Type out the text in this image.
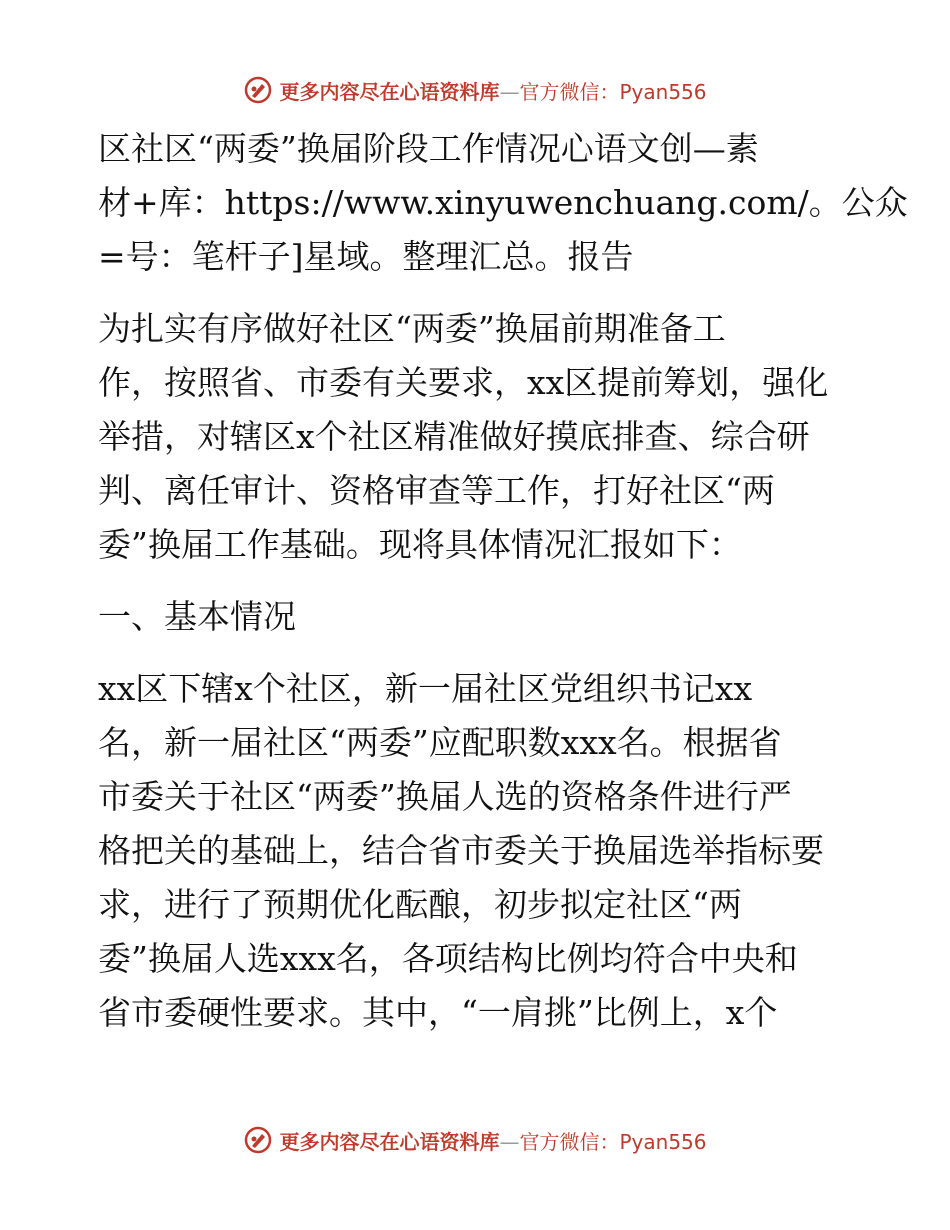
更多内容尽在心语资料库—官方微信：Pyan556
区社区“两委”换届阶段工作情况心语文创—素
材+库：https://www.xinyuwenchuang.com/。公众
=号：笔杆子]星域。整理汇总。报告
为扎实有序做好社区“两委”换届前期准备工
作，按照省、市委有关要求，xx区提前筹划，强化
举措，对辖区x个社区精准做好摸底排查、综合研
判、离任审计、资格审查等工作，打好社区“两
委”换届工作基础。现将具体情况汇报如下：
一、基本情况
xx区下辖x个社区，新一届社区党组织书记xx
名，新一届社区“两委”应配职数xxx名。根据省
市委关于社区“两委”换届人选的资格条件进行严
格把关的基础上，结合省市委关于换届选举指标要
求，进行了预期优化酝酿，初步拟定社区“两
委”换届人选xxx名，各项结构比例均符合中央和
省市委硬性要求。其中，“一肩挑”比例上，x个
更多内容尽在心语资料库—官方微信：Pyan556
